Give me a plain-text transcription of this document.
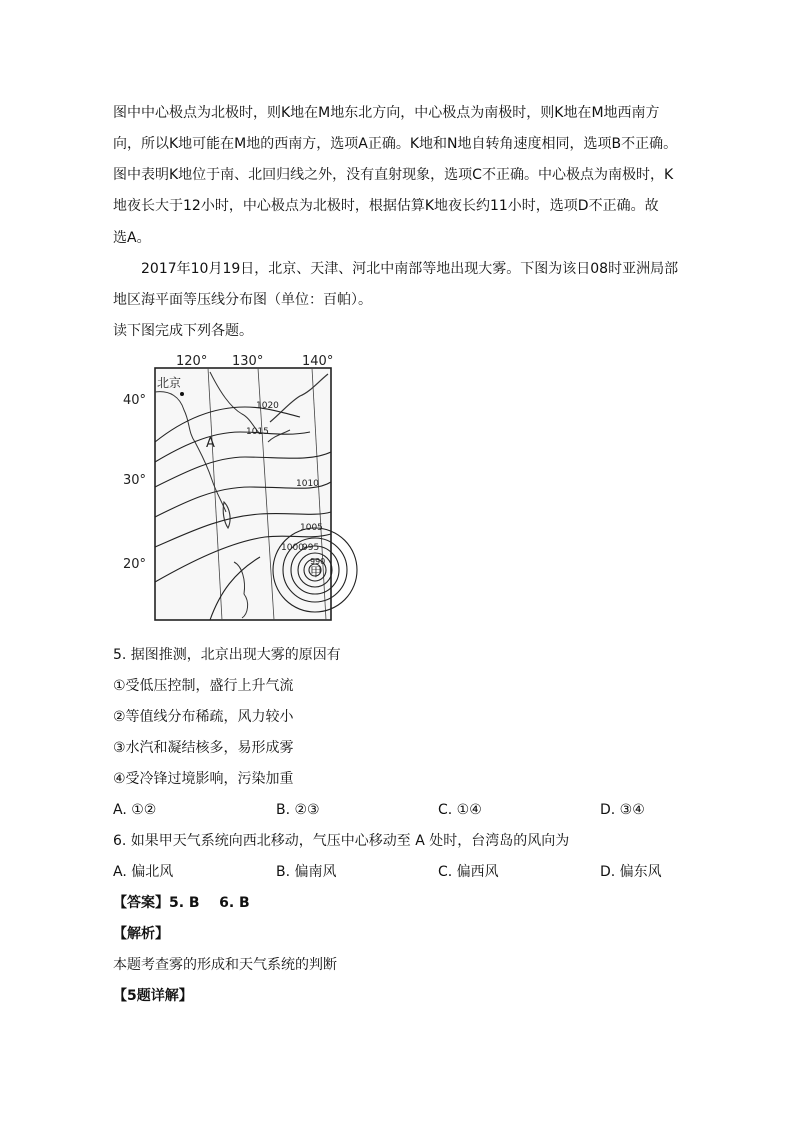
图中中心极点为北极时，则K地在M地东北方向，中心极点为南极时，则K地在M地西南方
向，所以K地可能在M地的西南方，选项A正确。K地和N地自转角速度相同，选项B不正确。
图中表明K地位于南、北回归线之外，没有直射现象，选项C不正确。中心极点为南极时，K
地夜长大于12小时，中心极点为北极时，根据估算K地夜长约11小时，选项D不正确。故
选A。
2017年10月19日，北京、天津、河北中南部等地出现大雾。下图为该日08时亚洲局部
地区海平面等压线分布图（单位：百帕）。
读下图完成下列各题。
120° 130°	140°
40°
30°
20°
北京
A
1020
1015
1010
1005
1000
995
990
甲
5. 据图推测，北京出现大雾的原因有
①受低压控制，盛行上升气流
②等值线分布稀疏，风力较小
③水汽和凝结核多，易形成雾
④受冷锋过境影响，污染加重
A. ①②	B. ②③	C. ①④	D. ③④
6. 如果甲天气系统向西北移动，气压中心移动至 A 处时，台湾岛的风向为
A. 偏北风	B. 偏南风	C. 偏西风	D. 偏东风
【答案】5. B    6. B
【解析】
本题考查雾的形成和天气系统的判断
【5题详解】
